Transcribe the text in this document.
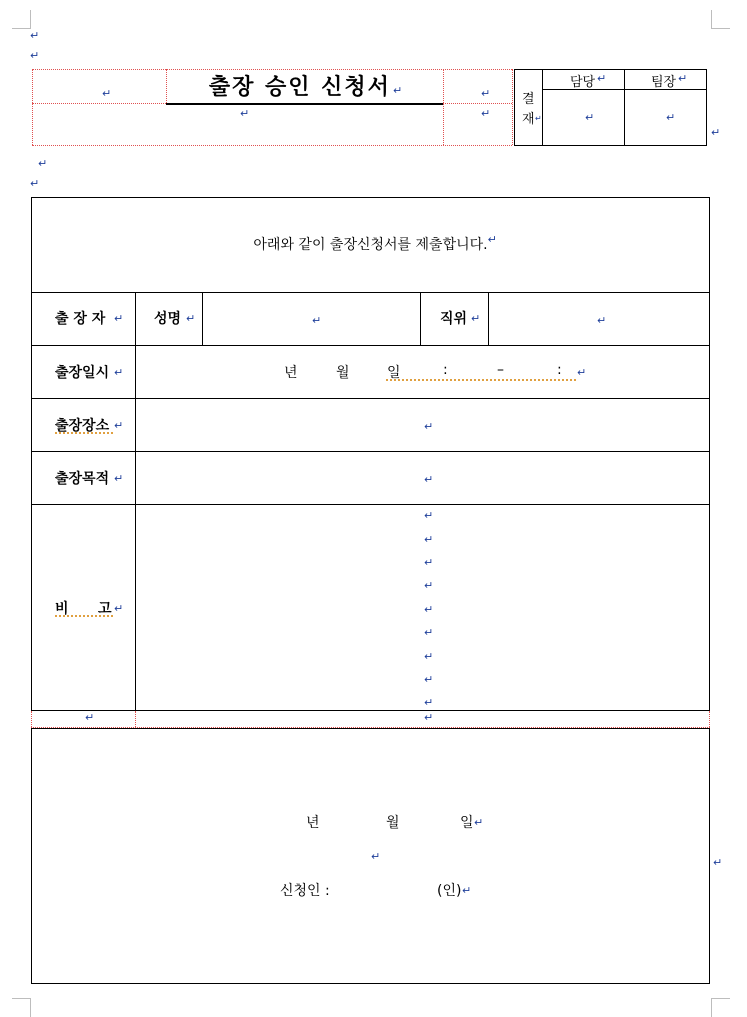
↵
↵
↵
↵
↵
↵
출장 승인 신청서 ↵
결
재 ↵
담당 ↵	팀장 ↵
↵	↵
↵
↵
↵
아래와 같이 출장신청서를 제출합니다. ↵
출 장 자 ↵ 성명 ↵	↵	직위 ↵	↵
출장일시 ↵	년	월	일	:	–	: ↵
출장장소 ↵	↵
출장목적 ↵	↵
비 고 ↵
↵
↵
↵
↵
↵
↵
↵
↵
↵
↵	↵
년	월	일 ↵
↵
신청인 :	(인) ↵
↵
